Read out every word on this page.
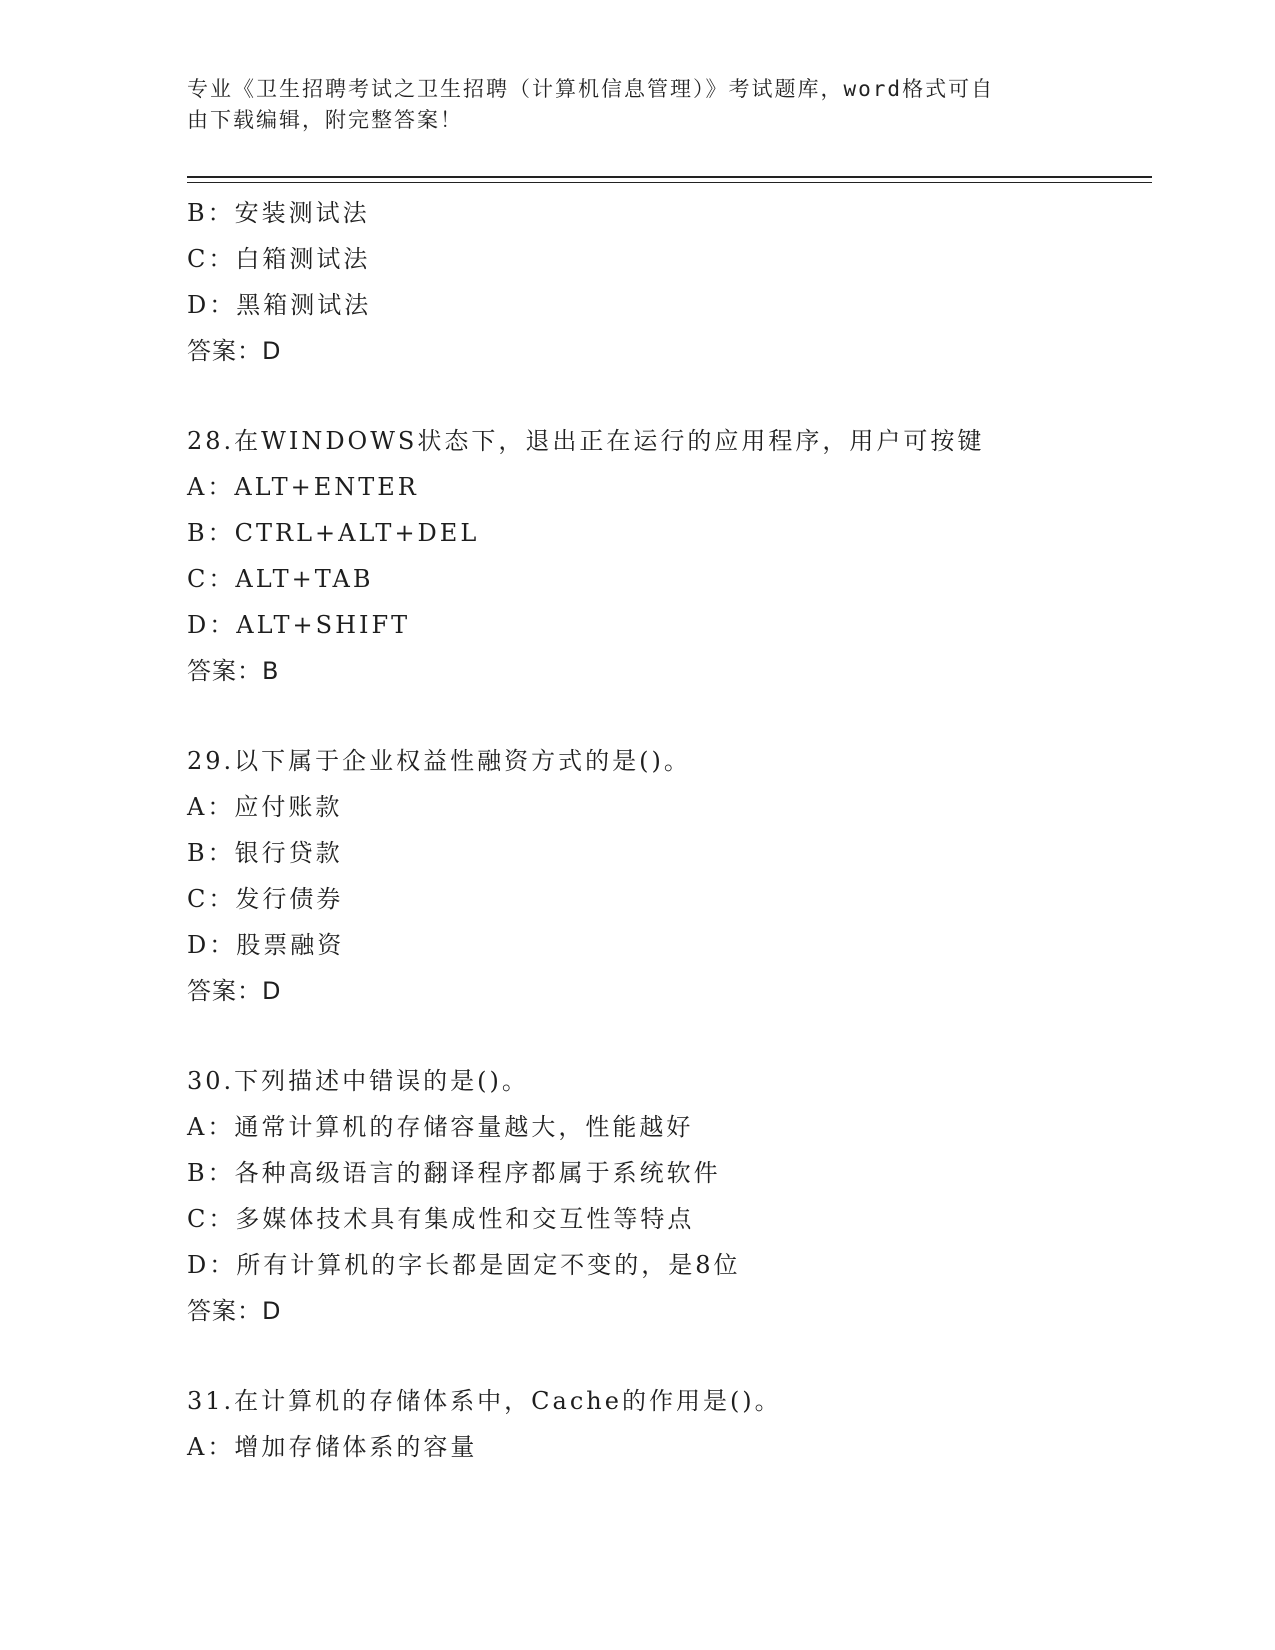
专业《卫生招聘考试之卫生招聘（计算机信息管理）》考试题库，word格式可自
由下载编辑，附完整答案！
B：安装测试法
C：白箱测试法
D：黑箱测试法
答案：D
28.在WINDOWS状态下，退出正在运行的应用程序，用户可按键
A：ALT+ENTER
B：CTRL+ALT+DEL
C：ALT+TAB
D：ALT+SHIFT
答案：B
29.以下属于企业权益性融资方式的是()。
A：应付账款
B：银行贷款
C：发行债券
D：股票融资
答案：D
30.下列描述中错误的是()。
A：通常计算机的存储容量越大，性能越好
B：各种高级语言的翻译程序都属于系统软件
C：多媒体技术具有集成性和交互性等特点
D：所有计算机的字长都是固定不变的，是8位
答案：D
31.在计算机的存储体系中，Cache的作用是()。
A：增加存储体系的容量
